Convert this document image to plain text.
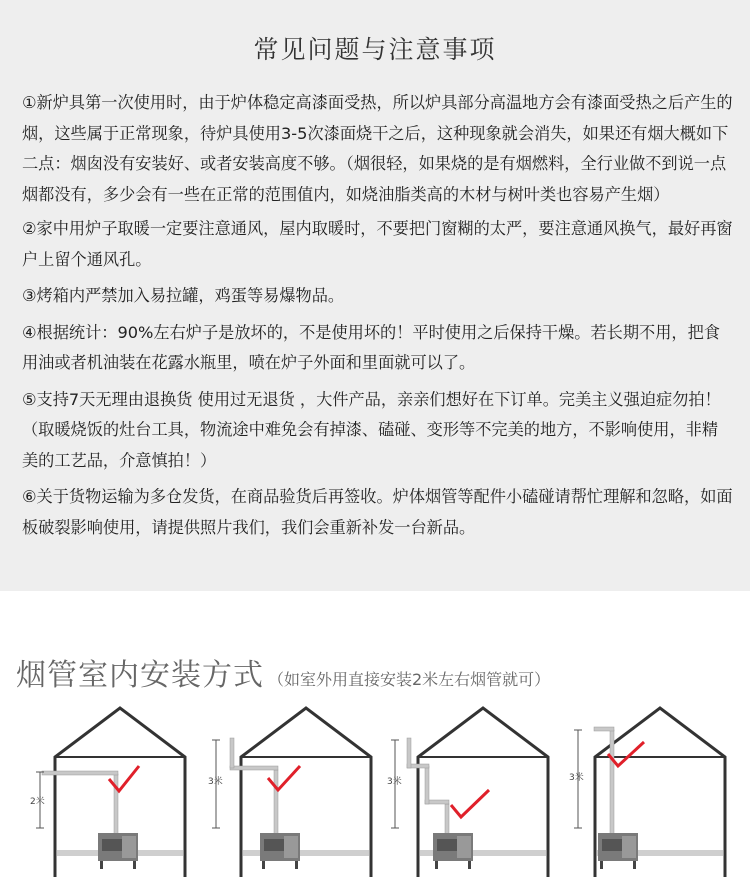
常见问题与注意事项

①新炉具第一次使用时，由于炉体稳定高漆面受热，所以炉具部分高温地方会有漆面受热之后产生的烟，这些属于正常现象，待炉具使用3-5次漆面烧干之后，这种现象就会消失，如果还有烟大概如下二点：烟囱没有安装好、或者安装高度不够。（烟很轻，如果烧的是有烟燃料，全行业做不到说一点烟都没有，多少会有一些在正常的范围值内，如烧油脂类高的木材与树叶类也容易产生烟）

②家中用炉子取暖一定要注意通风，屋内取暖时，不要把门窗糊的太严，要注意通风换气，最好再窗户上留个通风孔。

③烤箱内严禁加入易拉罐，鸡蛋等易爆物品。

④根据统计：90%左右炉子是放坏的，不是使用坏的！平时使用之后保持干燥。若长期不用，把食用油或者机油装在花露水瓶里，喷在炉子外面和里面就可以了。

⑤支持7天无理由退换货 使用过无退货 ，大件产品，亲亲们想好在下订单。完美主义强迫症勿拍！（取暖烧饭的灶台工具，物流途中难免会有掉漆、磕碰、变形等不完美的地方，不影响使用，非精美的工艺品，介意慎拍！）

⑥关于货物运输为多仓发货，在商品验货后再签收。炉体烟管等配件小磕碰请帮忙理解和忽略，如面板破裂影响使用，请提供照片我们，我们会重新补发一台新品。

烟管室内安装方式 （如室外用直接安装2米左右烟管就可）
2米
3米	3米	3米
